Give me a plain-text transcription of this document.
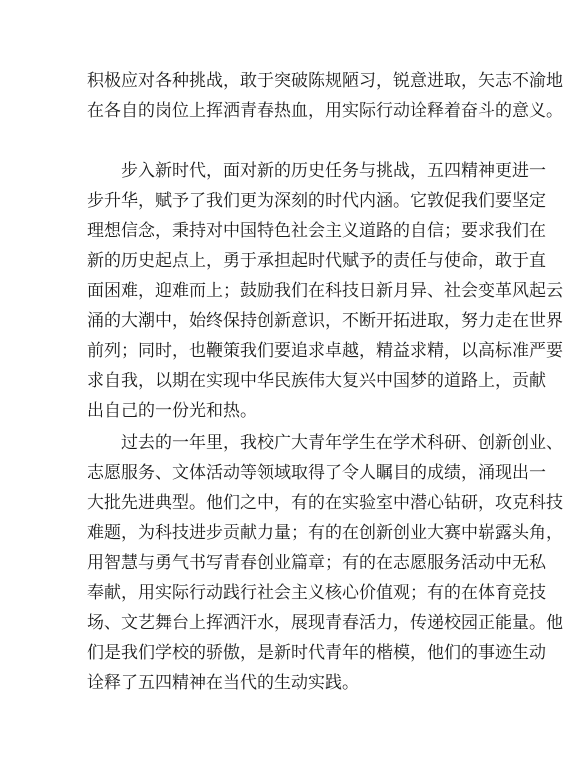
积极应对各种挑战，敢于突破陈规陋习，锐意进取，矢志不渝地
在各自的岗位上挥洒青春热血，用实际行动诠释着奋斗的意义。
步入新时代，面对新的历史任务与挑战，五四精神更进一
步升华，赋予了我们更为深刻的时代内涵。它敦促我们要坚定
理想信念，秉持对中国特色社会主义道路的自信；要求我们在
新的历史起点上，勇于承担起时代赋予的责任与使命，敢于直
面困难，迎难而上；鼓励我们在科技日新月异、社会变革风起云
涌的大潮中，始终保持创新意识，不断开拓进取，努力走在世界
前列；同时，也鞭策我们要追求卓越，精益求精，以高标准严要
求自我，以期在实现中华民族伟大复兴中国梦的道路上，贡献
出自己的一份光和热。
过去的一年里，我校广大青年学生在学术科研、创新创业、
志愿服务、文体活动等领域取得了令人瞩目的成绩，涌现出一
大批先进典型。他们之中，有的在实验室中潜心钻研，攻克科技
难题，为科技进步贡献力量；有的在创新创业大赛中崭露头角，
用智慧与勇气书写青春创业篇章；有的在志愿服务活动中无私
奉献，用实际行动践行社会主义核心价值观；有的在体育竞技
场、文艺舞台上挥洒汗水，展现青春活力，传递校园正能量。他
们是我们学校的骄傲，是新时代青年的楷模，他们的事迹生动
诠释了五四精神在当代的生动实践。
